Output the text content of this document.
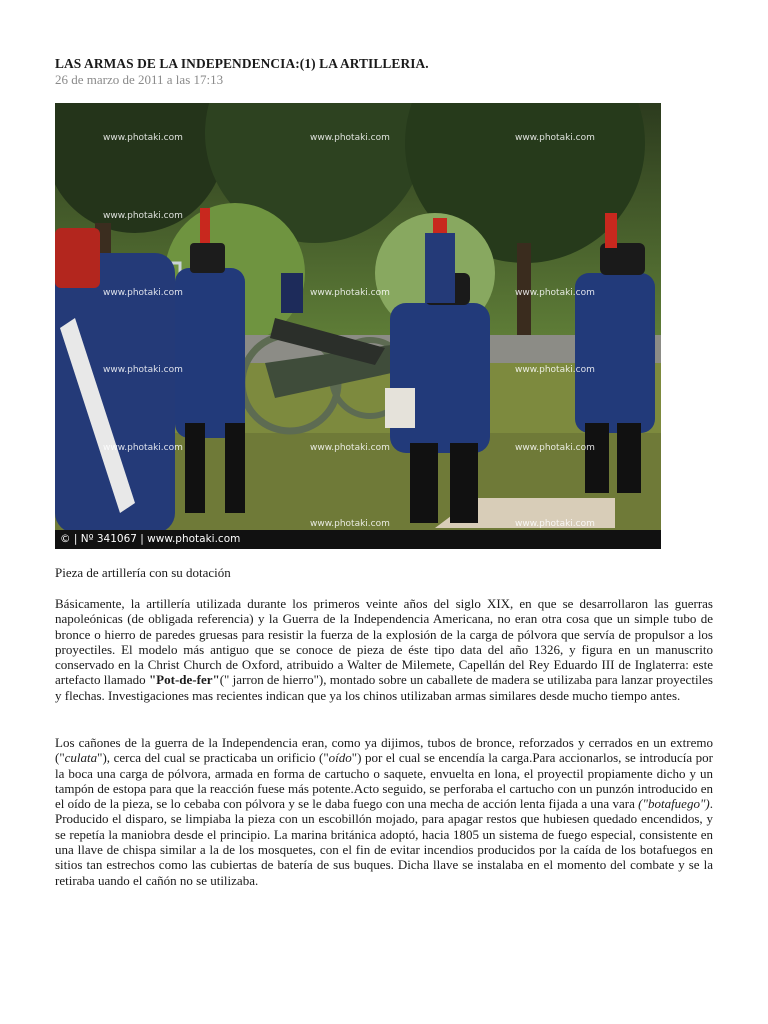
LAS ARMAS DE LA INDEPENDENCIA:(1) LA ARTILLERIA.

26 de marzo de 2011 a las 17:13

www.photaki.com	www.photaki.com	www.photaki.com
www.photaki.com
www.photaki.com	www.photaki.com	www.photaki.com
www.photaki.com	www.photaki.com
www.photaki.com	www.photaki.com	www.photaki.com
www.photaki.com	www.photaki.com
© | Nº 341067 | www.photaki.com

Pieza de artillería con su dotación

Básicamente, la artillería utilizada durante los primeros veinte años del siglo XIX, en que se desarrollaron las guerras napoleónicas (de obligada referencia) y la Guerra de la Independencia Americana, no eran otra cosa que un simple tubo de bronce o hierro de paredes gruesas para resistir la fuerza de la explosión de la carga de pólvora que servía de propulsor a los proyectiles. El modelo más antiguo que se conoce de pieza de éste tipo data del año 1326, y figura en un manuscrito conservado en la Christ Church de Oxford, atribuido a Walter de Milemete, Capellán del Rey Eduardo III de Inglaterra: este artefacto llamado "Pot-de-fer"(" jarron de hierro"), montado sobre un caballete de madera se utilizaba para lanzar proyectiles y flechas. Investigaciones mas recientes indican que ya los chinos utilizaban armas similares desde mucho tiempo antes.

Los cañones de la guerra de la Independencia eran, como ya dijimos, tubos de bronce, reforzados y cerrados en un extremo ("culata"), cerca del cual se practicaba un orificio ("oído") por el cual se encendía la carga.Para accionarlos, se introducía por la boca una carga de pólvora, armada en forma de cartucho o saquete, envuelta en lona, el proyectil propiamente dicho y un tampón de estopa para que la reacción fuese más potente.Acto seguido, se perforaba el cartucho con un punzón introducido en el oído de la pieza, se lo cebaba con pólvora y se le daba fuego con una mecha de acción lenta fijada a una vara ("botafuego"). Producido el disparo, se limpiaba la pieza con un escobillón mojado, para apagar restos que hubiesen quedado encendidos, y se repetía la maniobra desde el principio. La marina británica adoptó, hacia 1805 un sistema de fuego especial, consistente en una llave de chispa similar a la de los mosquetes, con el fin de evitar incendios producidos por la caída de los botafuegos en sitios tan estrechos como las cubiertas de batería de sus buques. Dicha llave se instalaba en el momento del combate y se la retiraba uando el cañón no se utilizaba.
